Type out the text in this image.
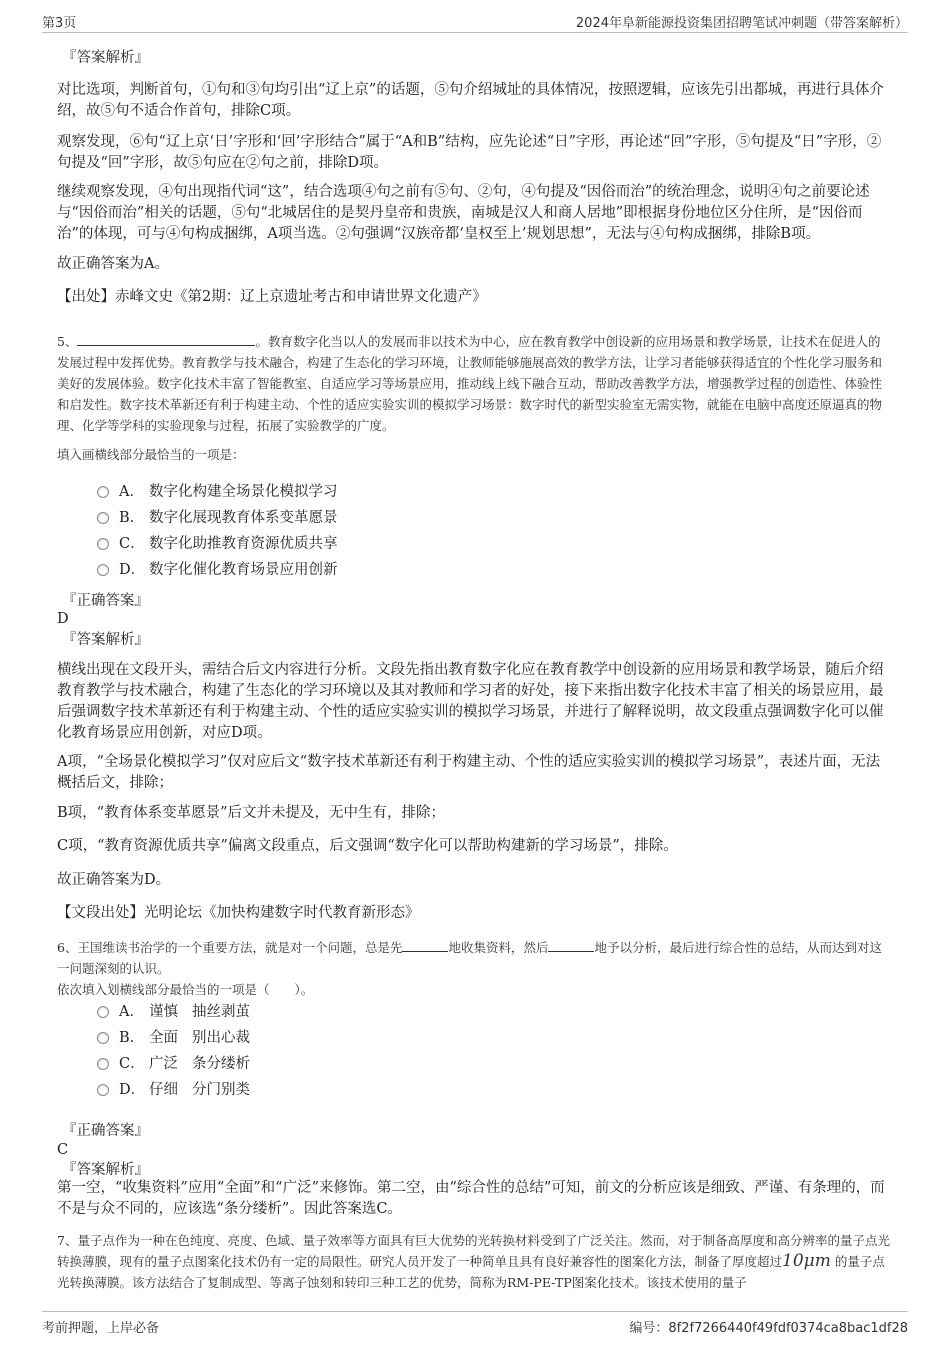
第3页	2024年阜新能源投资集团招聘笔试冲刺题（带答案解析）
『答案解析』

对比选项，判断首句，①句和③句均引出“辽上京”的话题，⑤句介绍城址的具体情况，按照逻辑，应该先引出都城，再进行具体介绍，故⑤句不适合作首句，排除C项。

观察发现，⑥句“辽上京‘日’字形和‘回’字形结合”属于“A和B”结构，应先论述“日”字形，再论述“回”字形，⑤句提及“日”字形，②句提及“回”字形，故⑤句应在②句之前，排除D项。

继续观察发现，④句出现指代词“这”，结合选项④句之前有⑤句、②句，④句提及“因俗而治”的统治理念，说明④句之前要论述与“因俗而治”相关的话题，⑤句“北城居住的是契丹皇帝和贵族，南城是汉人和商人居地”即根据身份地位区分住所，是“因俗而治”的体现，可与④句构成捆绑，A项当选。②句强调“汉族帝都‘皇权至上’规划思想”，无法与④句构成捆绑，排除B项。

故正确答案为A。

【出处】赤峰文史《第2期：辽上京遗址考古和申请世界文化遗产》

5、	。教育数字化当以人的发展而非以技术为中心，应在教育教学中创设新的应用场景和教学场景，让技术在促进人的发展过程中发挥优势。教育教学与技术融合，构建了生态化的学习环境，让教师能够施展高效的教学方法，让学习者能够获得适宜的个性化学习服务和美好的发展体验。数字化技术丰富了智能教室、自适应学习等场景应用，推动线上线下融合互动，帮助改善教学方法，增强教学过程的创造性、体验性和启发性。数字技术革新还有利于构建主动、个性的适应实验实训的模拟学习场景：数字时代的新型实验室无需实物，就能在电脑中高度还原逼真的物理、化学等学科的实验现象与过程，拓展了实验教学的广度。

填入画横线部分最恰当的一项是：

A． 数字化构建全场景化模拟学习
B． 数字化展现教育体系变革愿景
C． 数字化助推教育资源优质共享
D． 数字化催化教育场景应用创新
『正确答案』
D
『答案解析』

横线出现在文段开头，需结合后文内容进行分析。文段先指出教育数字化应在教育教学中创设新的应用场景和教学场景，随后介绍教育教学与技术融合，构建了生态化的学习环境以及其对教师和学习者的好处，接下来指出数字化技术丰富了相关的场景应用，最后强调数字技术革新还有利于构建主动、个性的适应实验实训的模拟学习场景，并进行了解释说明，故文段重点强调数字化可以催化教育场景应用创新，对应D项。

A项，“全场景化模拟学习”仅对应后文“数字技术革新还有利于构建主动、个性的适应实验实训的模拟学习场景”，表述片面，无法概括后文，排除；

B项，“教育体系变革愿景”后文并未提及，无中生有，排除；

C项，“教育资源优质共享”偏离文段重点，后文强调“数字化可以帮助构建新的学习场景”，排除。

故正确答案为D。

【文段出处】光明论坛《加快构建数字时代教育新形态》

6、王国维读书治学的一个重要方法，就是对一个问题，总是先	地收集资料，然后	地予以分析，最后进行综合性的总结，从而达到对这一问题深刻的认识。

依次填入划横线部分最恰当的一项是（　　）。

A． 谨慎 抽丝剥茧
B． 全面 别出心裁
C． 广泛 条分缕析
D． 仔细 分门别类
『正确答案』
C
『答案解析』

第一空，“收集资料”应用“全面”和“广泛”来修饰。第二空，由“综合性的总结”可知，前文的分析应该是细致、严谨、有条理的，而不是与众不同的，应该选“条分缕析”。因此答案选C。

7、量子点作为一种在色纯度、亮度、色域、量子效率等方面具有巨大优势的光转换材料受到了广泛关注。然而，对于制备高厚度和高分辨率的量子点光转换薄膜，现有的量子点图案化技术仍有一定的局限性。研究人员开发了一种简单且具有良好兼容性的图案化方法，制备了厚度超过10μm 的量子点光转换薄膜。该方法结合了复制成型、等离子蚀刻和转印三种工艺的优势，简称为RM-PE-TP图案化技术。该技术使用的量子

考前押题，上岸必备	编号：8f2f7266440f49fdf0374ca8bac1df28
